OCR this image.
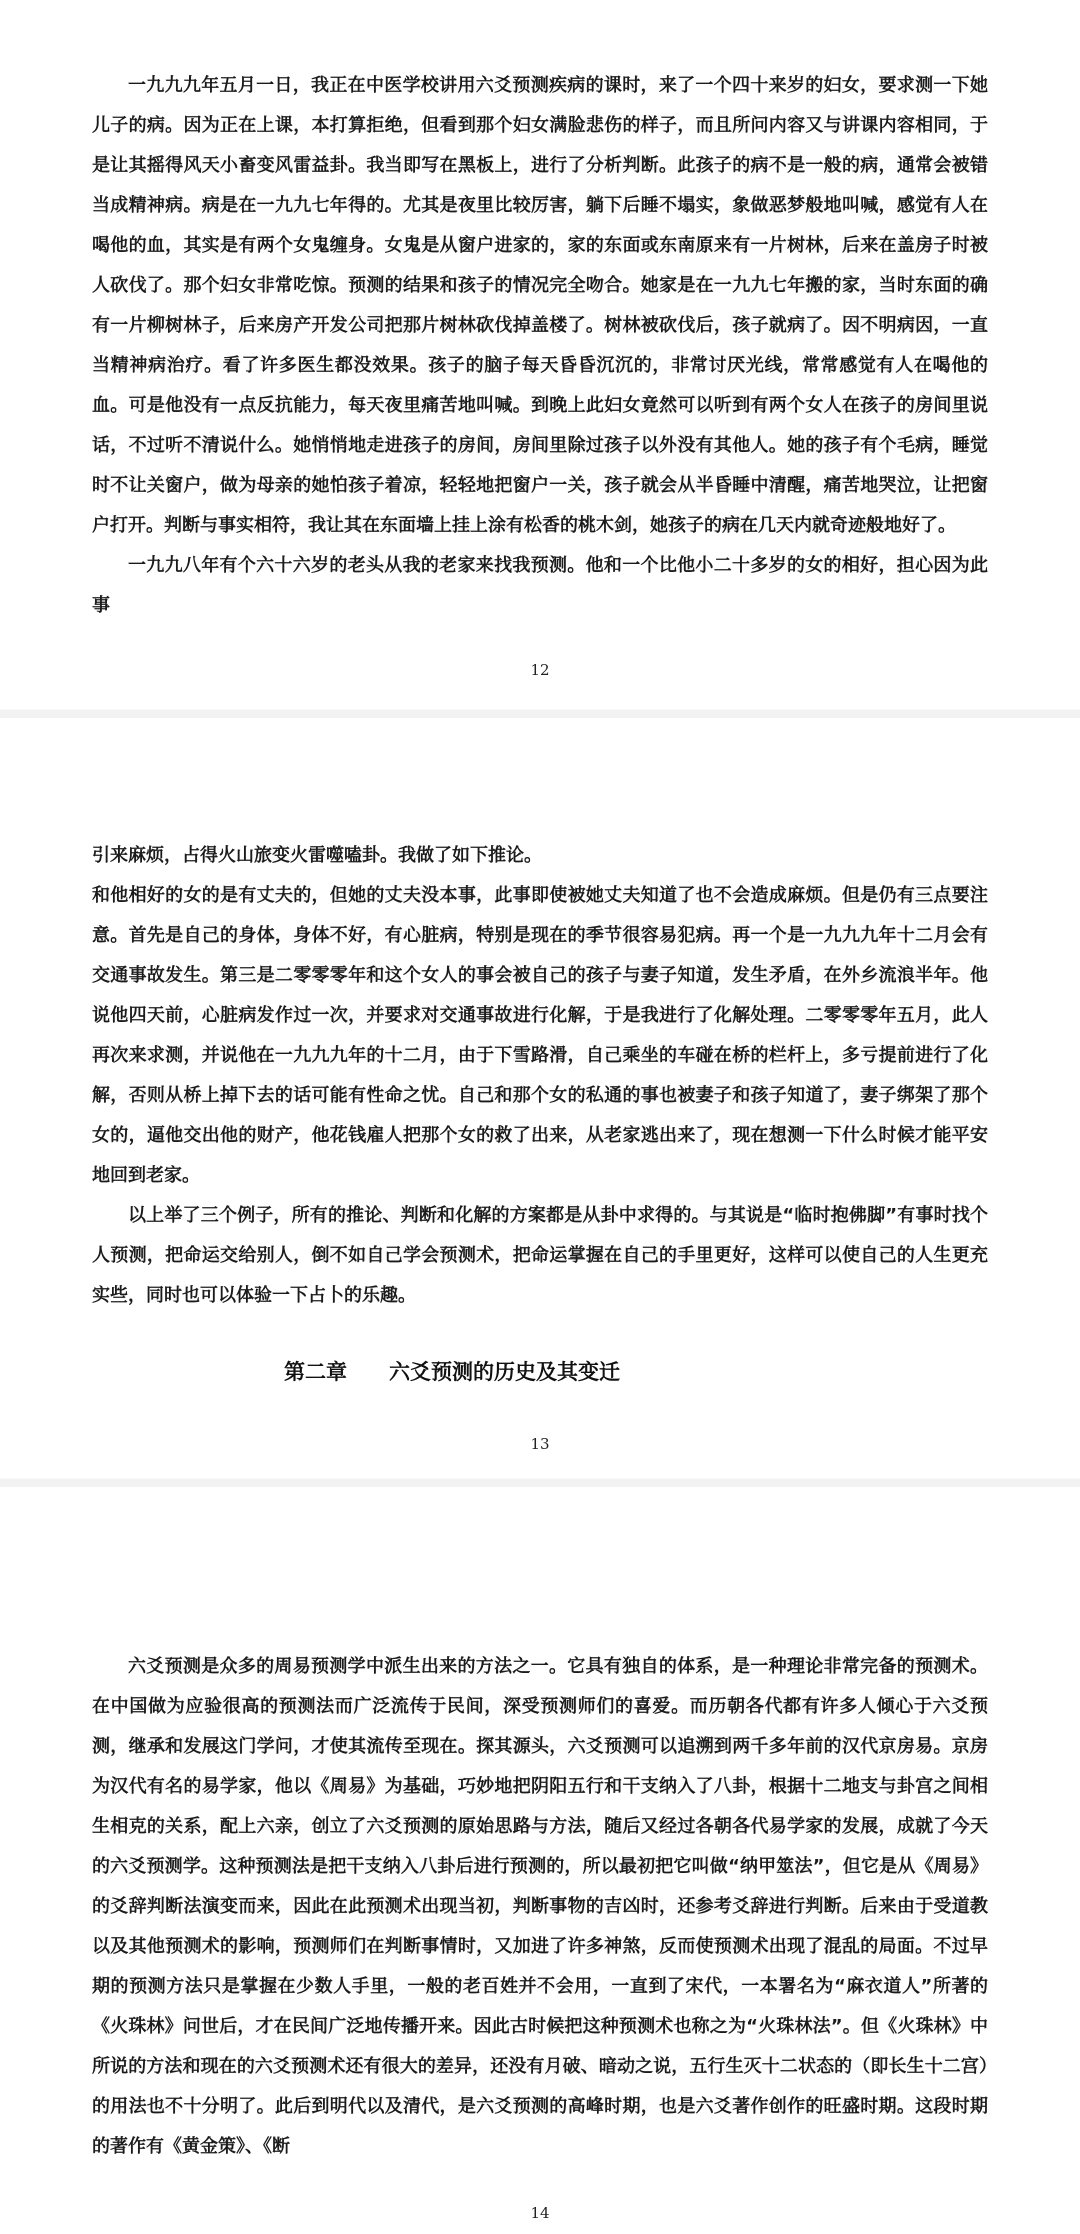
一九九九年五月一日，我正在中医学校讲用六爻预测疾病的课时，来了一个四十来岁的妇女，要求测一下她儿子的病。因为正在上课，本打算拒绝，但看到那个妇女满脸悲伤的样子，而且所问内容又与讲课内容相同，于是让其摇得风天小畜变风雷益卦。我当即写在黑板上，进行了分析判断。此孩子的病不是一般的病，通常会被错当成精神病。病是在一九九七年得的。尤其是夜里比较厉害，躺下后睡不塌实，象做恶梦般地叫喊，感觉有人在喝他的血，其实是有两个女鬼缠身。女鬼是从窗户进家的，家的东面或东南原来有一片树林，后来在盖房子时被人砍伐了。那个妇女非常吃惊。预测的结果和孩子的情况完全吻合。她家是在一九九七年搬的家，当时东面的确有一片柳树林子，后来房产开发公司把那片树林砍伐掉盖楼了。树林被砍伐后，孩子就病了。因不明病因，一直当精神病治疗。看了许多医生都没效果。孩子的脑子每天昏昏沉沉的，非常讨厌光线，常常感觉有人在喝他的血。可是他没有一点反抗能力，每天夜里痛苦地叫喊。到晚上此妇女竟然可以听到有两个女人在孩子的房间里说话，不过听不清说什么。她悄悄地走进孩子的房间，房间里除过孩子以外没有其他人。她的孩子有个毛病，睡觉时不让关窗户，做为母亲的她怕孩子着凉，轻轻地把窗户一关，孩子就会从半昏睡中清醒，痛苦地哭泣，让把窗户打开。判断与事实相符，我让其在东面墙上挂上涂有松香的桃木剑，她孩子的病在几天内就奇迹般地好了。

一九九八年有个六十六岁的老头从我的老家来找我预测。他和一个比他小二十多岁的女的相好，担心因为此事

12

引来麻烦，占得火山旅变火雷噬嗑卦。我做了如下推论。

和他相好的女的是有丈夫的，但她的丈夫没本事，此事即使被她丈夫知道了也不会造成麻烦。但是仍有三点要注意。首先是自己的身体，身体不好，有心脏病，特别是现在的季节很容易犯病。再一个是一九九九年十二月会有交通事故发生。第三是二零零零年和这个女人的事会被自己的孩子与妻子知道，发生矛盾，在外乡流浪半年。他说他四天前，心脏病发作过一次，并要求对交通事故进行化解，于是我进行了化解处理。二零零零年五月，此人再次来求测，并说他在一九九九年的十二月，由于下雪路滑，自己乘坐的车碰在桥的栏杆上，多亏提前进行了化解，否则从桥上掉下去的话可能有性命之忧。自己和那个女的私通的事也被妻子和孩子知道了，妻子绑架了那个女的，逼他交出他的财产，他花钱雇人把那个女的救了出来，从老家逃出来了，现在想测一下什么时候才能平安地回到老家。

以上举了三个例子，所有的推论、判断和化解的方案都是从卦中求得的。与其说是“临时抱佛脚”有事时找个人预测，把命运交给别人，倒不如自己学会预测术，把命运掌握在自己的手里更好，这样可以使自己的人生更充实些，同时也可以体验一下占卜的乐趣。

第二章 六爻预测的历史及其变迁
13

六爻预测是众多的周易预测学中派生出来的方法之一。它具有独自的体系，是一种理论非常完备的预测术。在中国做为应验很高的预测法而广泛流传于民间，深受预测师们的喜爱。而历朝各代都有许多人倾心于六爻预测，继承和发展这门学问，才使其流传至现在。探其源头，六爻预测可以追溯到两千多年前的汉代京房易。京房为汉代有名的易学家，他以《周易》为基础，巧妙地把阴阳五行和干支纳入了八卦，根据十二地支与卦宫之间相生相克的关系，配上六亲，创立了六爻预测的原始思路与方法，随后又经过各朝各代易学家的发展，成就了今天的六爻预测学。这种预测法是把干支纳入八卦后进行预测的，所以最初把它叫做“纳甲筮法”，但它是从《周易》的爻辞判断法演变而来，因此在此预测术出现当初，判断事物的吉凶时，还参考爻辞进行判断。后来由于受道教以及其他预测术的影响，预测师们在判断事情时，又加进了许多神煞，反而使预测术出现了混乱的局面。不过早期的预测方法只是掌握在少数人手里，一般的老百姓并不会用，一直到了宋代，一本署名为“麻衣道人”所著的《火珠林》问世后，才在民间广泛地传播开来。因此古时候把这种预测术也称之为“火珠林法”。但《火珠林》中所说的方法和现在的六爻预测术还有很大的差异，还没有月破、暗动之说，五行生灭十二状态的（即长生十二宫）的用法也不十分明了。此后到明代以及清代，是六爻预测的高峰时期，也是六爻著作创作的旺盛时期。这段时期的著作有《黄金策》、《断

14
